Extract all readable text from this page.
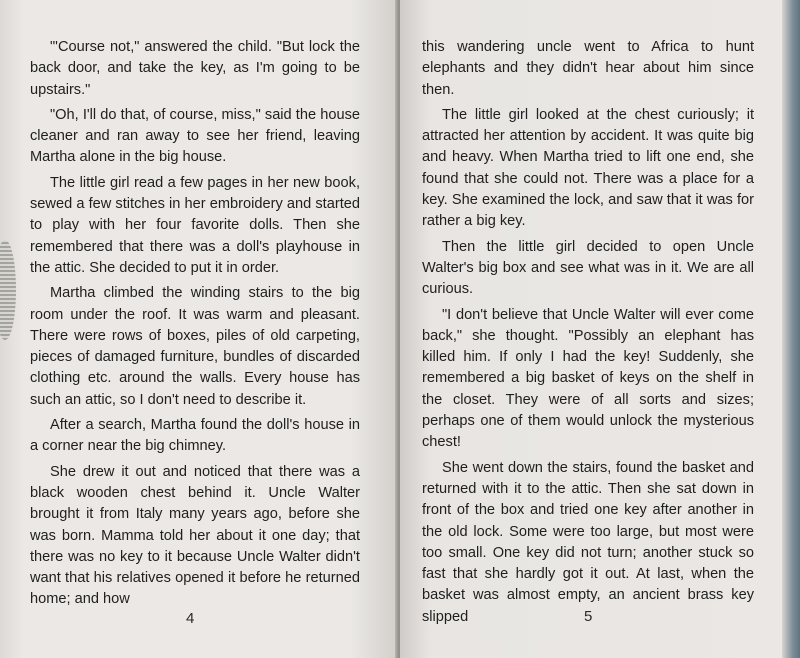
"'Course not," answered the child. "But lock the back door, and take the key, as I'm going to be upstairs."

"Oh, I'll do that, of course, miss," said the house cleaner and ran away to see her friend, leaving Martha alone in the big house.

The little girl read a few pages in her new book, sewed a few stitches in her embroidery and started to play with her four favorite dolls. Then she remembered that there was a doll's playhouse in the attic. She decided to put it in order.

Martha climbed the winding stairs to the big room under the roof. It was warm and pleasant. There were rows of boxes, piles of old carpeting, pieces of damaged furniture, bundles of discarded clothing etc. around the walls. Every house has such an attic, so I don't need to describe it.

After a search, Martha found the doll's house in a corner near the big chimney.

She drew it out and noticed that there was a black wooden chest behind it. Uncle Walter brought it from Italy many years ago, before she was born. Mamma told her about it one day; that there was no key to it because Uncle Walter didn't want that his relatives opened it before he returned home; and how

4

this wandering uncle went to Africa to hunt elephants and they didn't hear about him since then.

The little girl looked at the chest curiously; it attracted her attention by accident. It was quite big and heavy. When Martha tried to lift one end, she found that she could not. There was a place for a key. She examined the lock, and saw that it was for rather a big key.

Then the little girl decided to open Uncle Walter's big box and see what was in it. We are all curious.

"I don't believe that Uncle Walter will ever come back," she thought. "Possibly an elephant has killed him. If only I had the key! Suddenly, she remembered a big basket of keys on the shelf in the closet. They were of all sorts and sizes; perhaps one of them would unlock the mysterious chest!

She went down the stairs, found the basket and returned with it to the attic. Then she sat down in front of the box and tried one key after another in the old lock. Some were too large, but most were too small. One key did not turn; another stuck so fast that she hardly got it out. At last, when the basket was almost empty, an ancient brass key slipped	5
